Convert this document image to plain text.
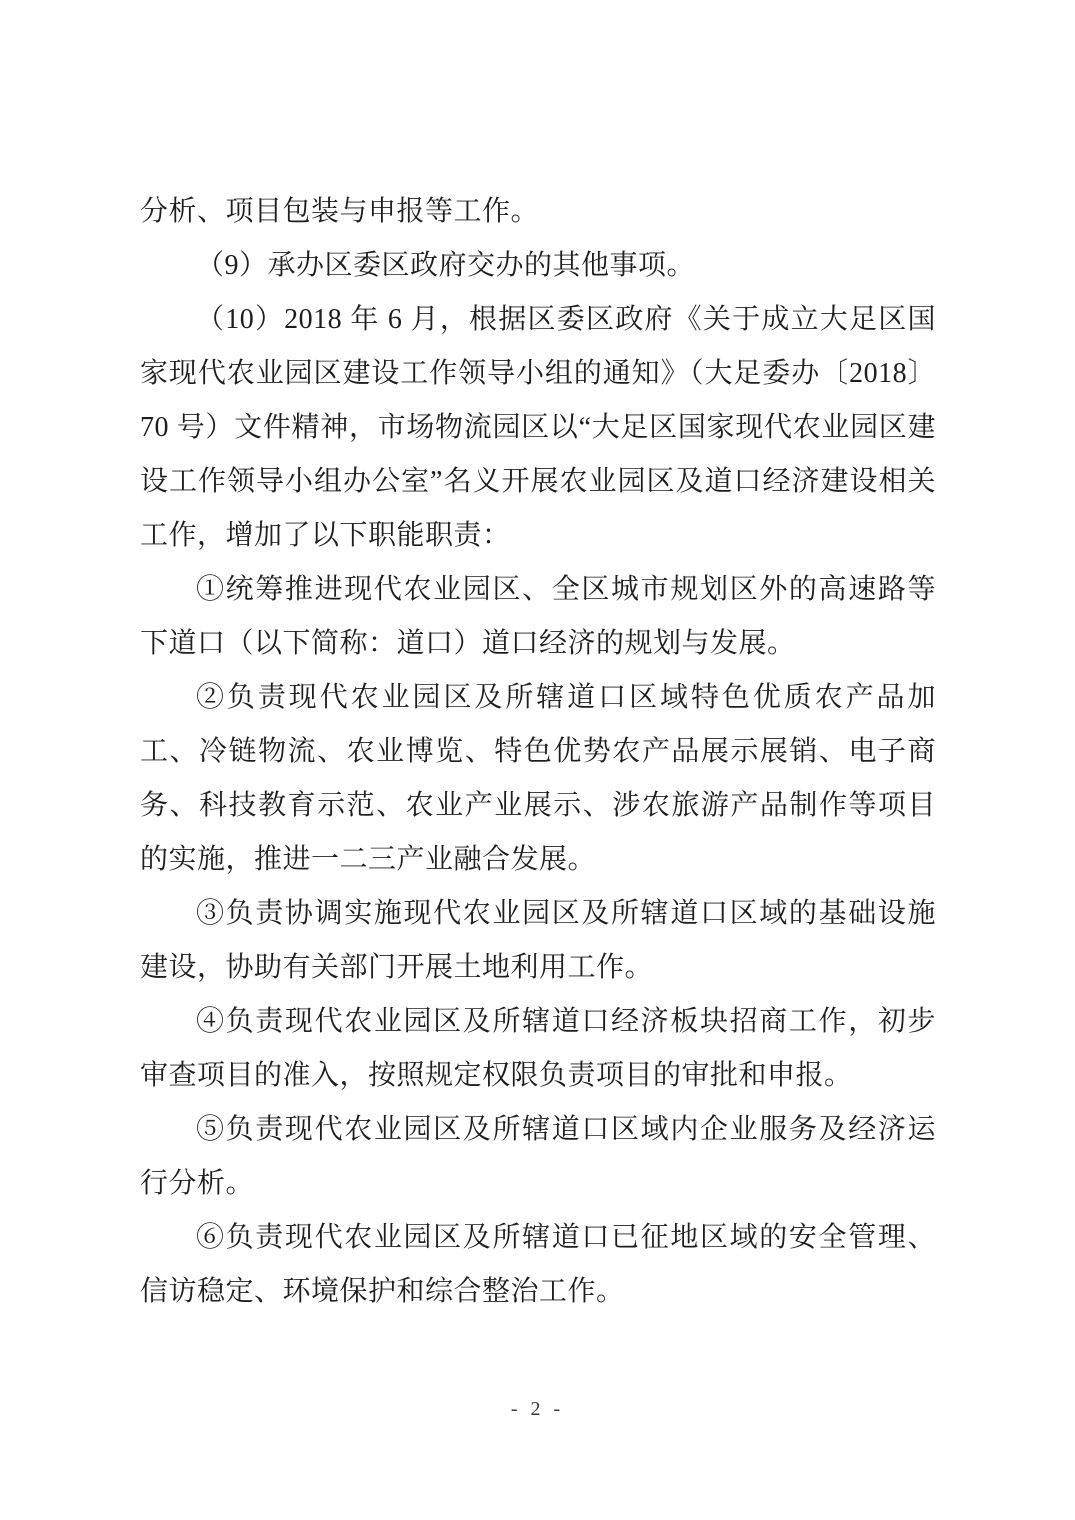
分析、项目包装与申报等工作。

（9）承办区委区政府交办的其他事项。

（10）2018 年 6 月，根据区委区政府《关于成立大足区国家现代农业园区建设工作领导小组的通知》（大足委办〔2018〕70 号）文件精神，市场物流园区以“大足区国家现代农业园区建设工作领导小组办公室”名义开展农业园区及道口经济建设相关工作，增加了以下职能职责：

①统筹推进现代农业园区、全区城市规划区外的高速路等下道口（以下简称：道口）道口经济的规划与发展。

②负责现代农业园区及所辖道口区域特色优质农产品加工、冷链物流、农业博览、特色优势农产品展示展销、电子商务、科技教育示范、农业产业展示、涉农旅游产品制作等项目的实施，推进一二三产业融合发展。

③负责协调实施现代农业园区及所辖道口区域的基础设施建设，协助有关部门开展土地利用工作。

④负责现代农业园区及所辖道口经济板块招商工作，初步审查项目的准入，按照规定权限负责项目的审批和申报。

⑤负责现代农业园区及所辖道口区域内企业服务及经济运行分析。

⑥负责现代农业园区及所辖道口已征地区域的安全管理、信访稳定、环境保护和综合整治工作。

- 2 -
